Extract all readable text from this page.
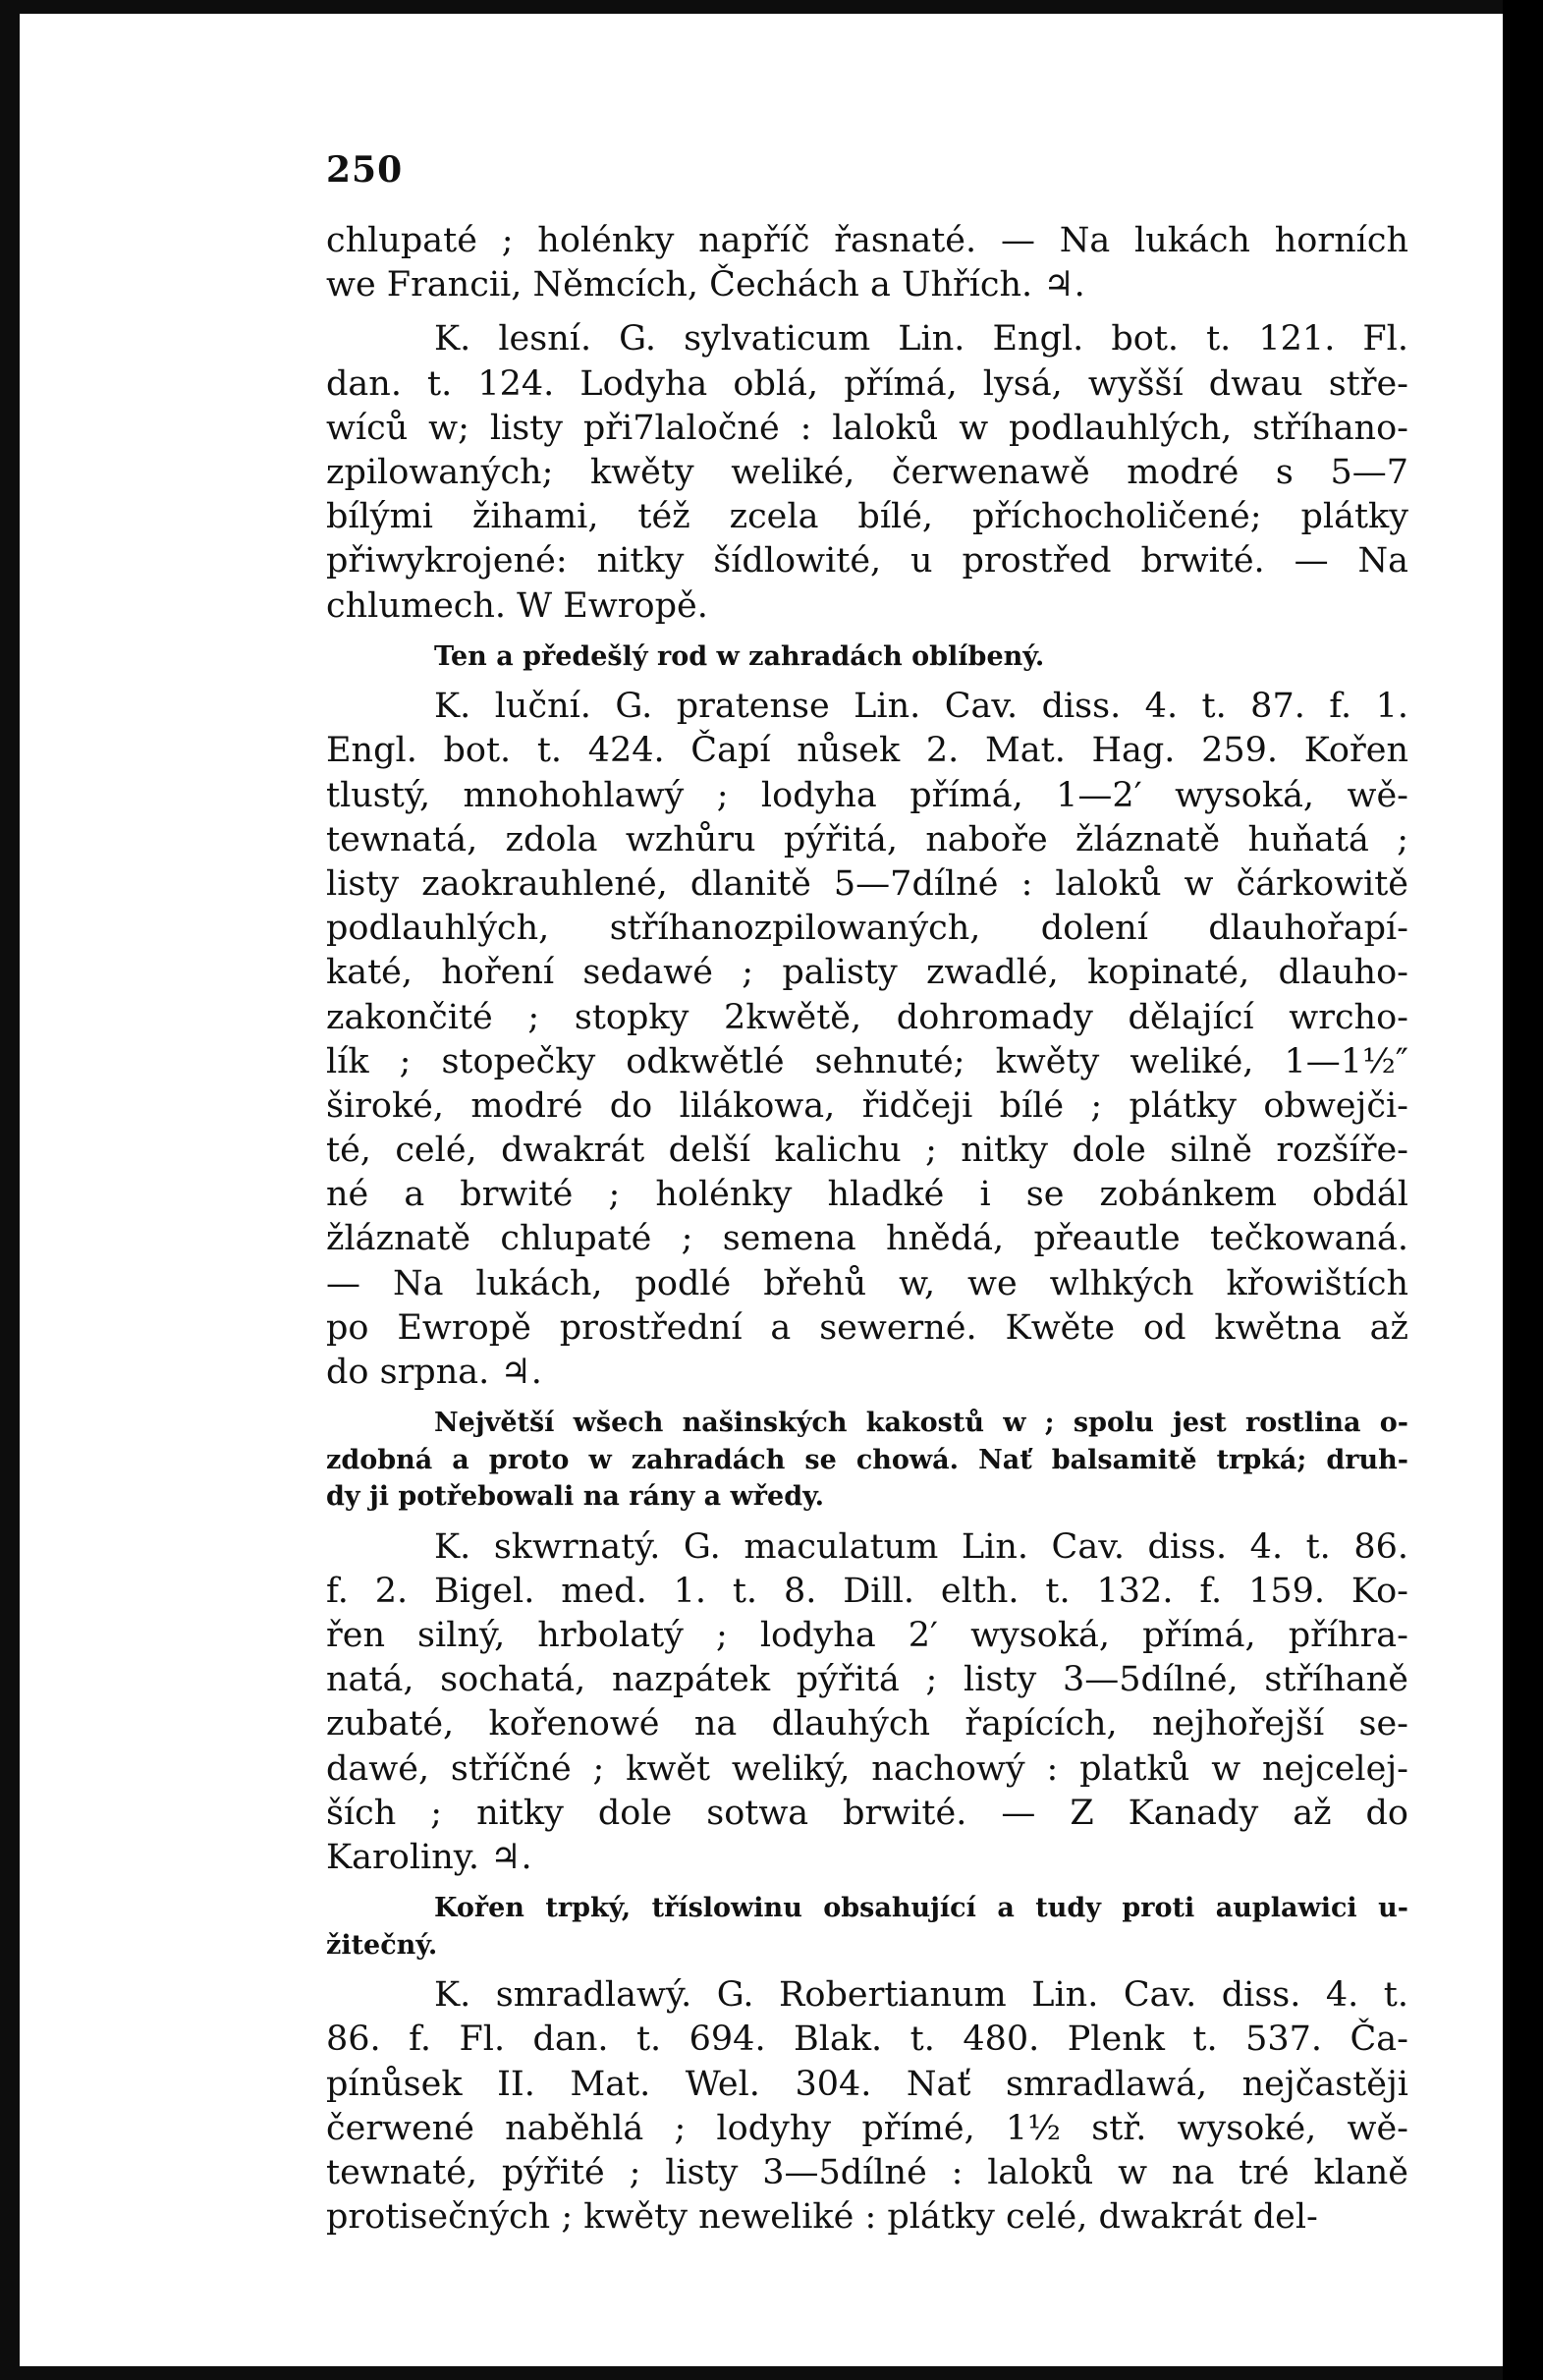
250
chlupaté ; holénky napříč řasnaté. — Na lukách horních
we Francii, Němcích, Čechách a Uhřích. ♃.
K. lesní. G. sylvaticum Lin. Engl. bot. t. 121. Fl.
dan. t. 124. Lodyha oblá, přímá, lysá, wyšší dwau stře-
wíců w; listy při7laločné : laloků w podlauhlých, stříhano-
zpilowaných; kwěty weliké, čerwenawě modré s 5—7
bílými žihami, též zcela bílé, příchocholičené; plátky
přiwykrojené: nitky šídlowité, u prostřed brwité. — Na
chlumech. W Ewropě.
Ten a předešlý rod w zahradách oblíbený.
K. luční. G. pratense Lin. Cav. diss. 4. t. 87. f. 1.
Engl. bot. t. 424. Čapí nůsek 2. Mat. Hag. 259. Kořen
tlustý, mnohohlawý ; lodyha přímá, 1—2′ wysoká, wě-
tewnatá, zdola wzhůru pýřitá, naboře žláznatě huňatá ;
listy zaokrauhlené, dlanitě 5—7dílné : laloků w čárkowitě
podlauhlých, stříhanozpilowaných, dolení dlauhořapí-
katé, hoření sedawé ; palisty zwadlé, kopinaté, dlauho-
zakončité ; stopky 2kwětě, dohromady dělající wrcho-
lík ; stopečky odkwětlé sehnuté; kwěty weliké, 1—1½″
široké, modré do lilákowa, řidčeji bílé ; plátky obwejči-
té, celé, dwakrát delší kalichu ; nitky dole silně rozšíře-
né a brwité ; holénky hladké i se zobánkem obdál
žláznatě chlupaté ; semena hnědá, přeautle tečkowaná.
— Na lukách, podlé břehů w, we wlhkých křowištích
po Ewropě prostřední a sewerné. Kwěte od kwětna až
do srpna. ♃.
Největší wšech našinských kakostů w ; spolu jest rostlina o-
zdobná a proto w zahradách se chowá. Nať balsamitě trpká; druh-
dy ji potřebowali na rány a wředy.
K. skwrnatý. G. maculatum Lin. Cav. diss. 4. t. 86.
f. 2. Bigel. med. 1. t. 8. Dill. elth. t. 132. f. 159. Ko-
řen silný, hrbolatý ; lodyha 2′ wysoká, přímá, příhra-
natá, sochatá, nazpátek pýřitá ; listy 3—5dílné, stříhaně
zubaté, kořenowé na dlauhých řapících, nejhořejší se-
dawé, stříčné ; kwět weliký, nachowý : platků w nejcelej-
ších ; nitky dole sotwa brwité. — Z Kanady až do
Karoliny. ♃.
Kořen trpký, tříslowinu obsahující a tudy proti auplawici u-
žitečný.
K. smradlawý. G. Robertianum Lin. Cav. diss. 4. t.
86. f. Fl. dan. t. 694. Blak. t. 480. Plenk t. 537. Ča-
pínůsek II. Mat. Wel. 304. Nať smradlawá, nejčastěji
čerwené naběhlá ; lodyhy přímé, 1½ stř. wysoké, wě-
tewnaté, pýřité ; listy 3—5dílné : laloků w na tré klaně
protisečných ; kwěty neweliké : plátky celé, dwakrát del-
